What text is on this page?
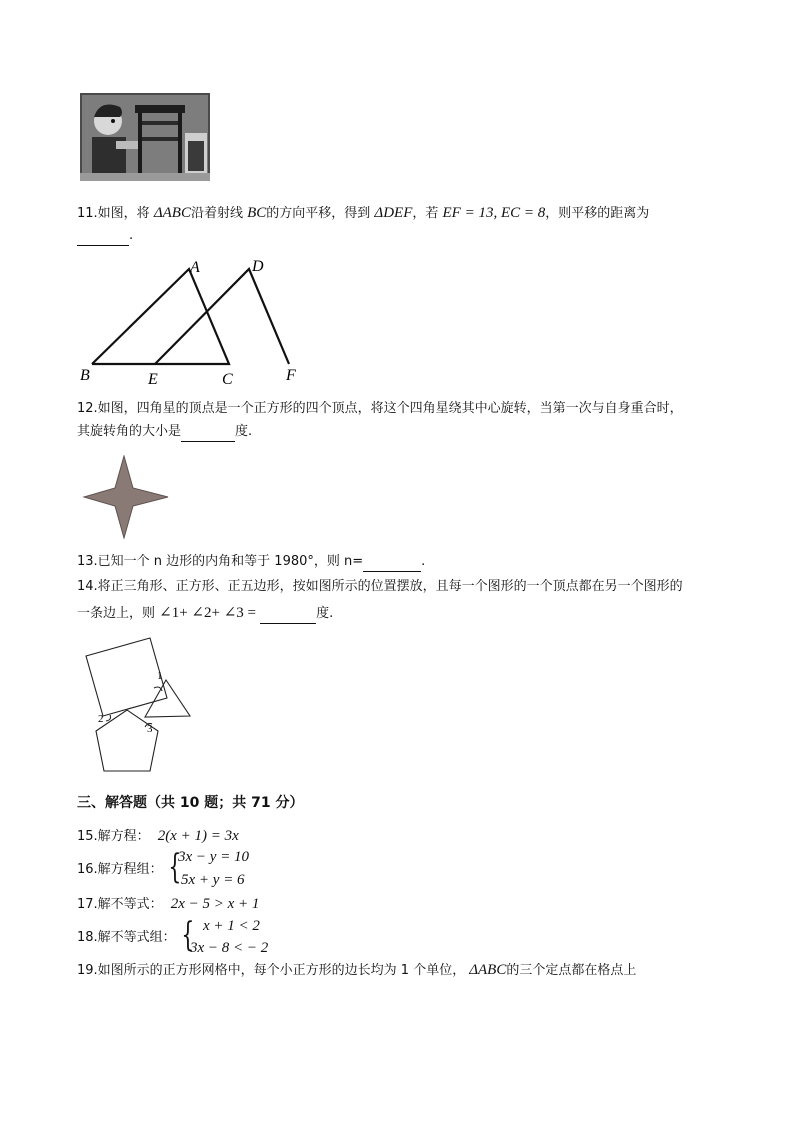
11.如图，将 ΔABC沿着射线 BC的方向平移，得到 ΔDEF，若 EF = 13, EC = 8，则平移的距离为
.
A	D
B	E	C	F
12.如图，四角星的顶点是一个正方形的四个顶点，将这个四角星绕其中心旋转，当第一次与自身重合时，
其旋转角的大小是	度.
13.已知一个 n 边形的内角和等于 1980°，则 n=	.
14.将正三角形、正方形、正五边形，按如图所示的位置摆放，且每一个图形的一个顶点都在另一个图形的
一条边上，则 ∠1+ ∠2+ ∠3 =	度.
1
2
3
三、解答题（共 10 题；共 71 分）
15.解方程： 2(x + 1) = 3x
16.解方程组： {
3x − y = 10
5x + y = 6
17.解不等式： 2x − 5 > x + 1
18.解不等式组： { x + 1 < 2
3x − 8 < − 2
19.如图所示的正方形网格中，每个小正方形的边长均为 1 个单位， ΔABC的三个定点都在格点上
